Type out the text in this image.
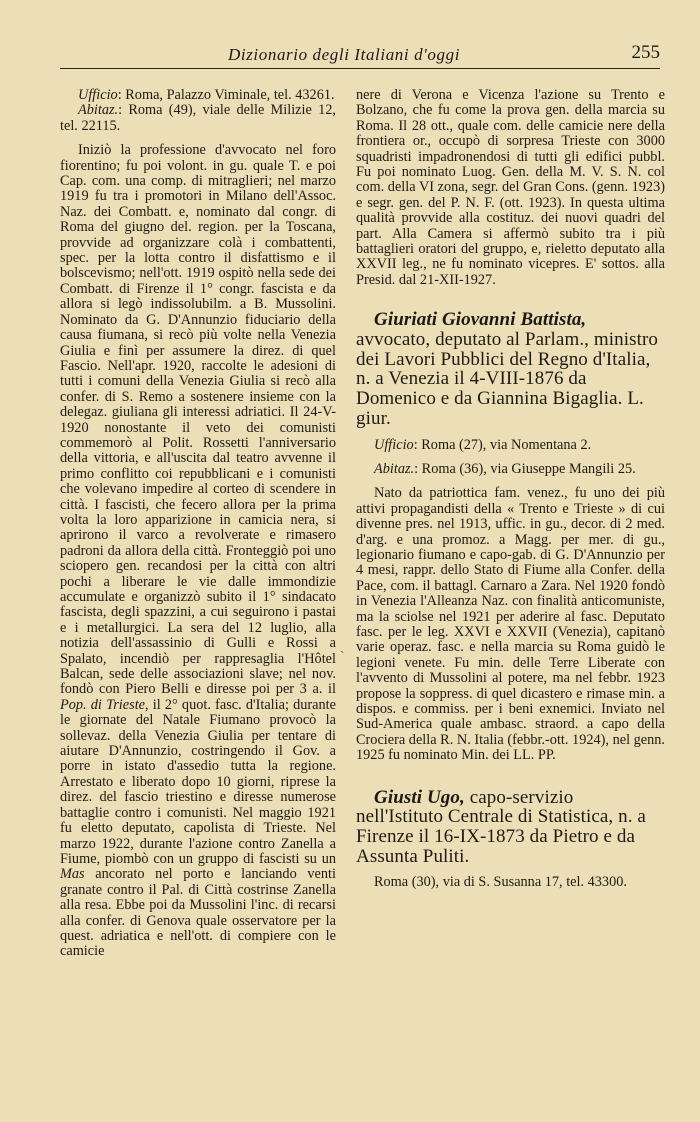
Dizionario degli Italiani d'oggi	255

Ufficio: Roma, Palazzo Viminale, tel. 43261.

Abitaz.: Roma (49), viale delle Milizie 12, tel. 22115.

Iniziò la professione d'avvocato nel foro fiorentino; fu poi volont. in gu. quale T. e poi Cap. com. una comp. di mitraglieri; nel marzo 1919 fu tra i promotori in Milano dell'Assoc. Naz. dei Combatt. e, nominato dal congr. di Roma del giugno del. region. per la Toscana, provvide ad organizzare colà i combattenti, spec. per la lotta contro il disfattismo e il bolscevismo; nell'ott. 1919 ospitò nella sede dei Combatt. di Firenze il 1° congr. fascista e da allora si legò indissolubilm. a B. Mussolini. Nominato da G. D'Annunzio fiduciario della causa fiumana, si recò più volte nella Venezia Giulia e finì per assumere la direz. di quel Fascio. Nell'apr. 1920, raccolte le adesioni di tutti i comuni della Venezia Giulia si recò alla confer. di S. Remo a sostenere insieme con la delegaz. giuliana gli interessi adriatici. Il 24-V-1920 nonostante il veto dei comunisti commemorò al Polit. Rossetti l'anniversario della vittoria, e all'uscita dal teatro avvenne il primo conflitto coi repubblicani e i comunisti che volevano impedire al corteo di scendere in città. I fascisti, che fecero allora per la prima volta la loro apparizione in camicia nera, si aprirono il varco a revolverate e rimasero padroni da allora della città. Fronteggiò poi uno sciopero gen. recandosi per la città con altri pochi a liberare le vie dalle immondizie accumulate e organizzò subito il 1° sindacato fascista, degli spazzini, a cui seguirono i pastai e i metallurgici. La sera del 12 luglio, alla notizia dell'assassinio di Gulli e Rossi a Spalato, incendiò per rappresaglia l'Hôtel Balcan, sede delle associazioni slave; nel nov. fondò con Piero Belli e diresse poi per 3 a. il Pop. di Trieste, il 2° quot. fasc. d'Italia; durante le giornate del Natale Fiumano provocò la sollevaz. della Venezia Giulia per tentare di aiutare D'Annunzio, costringendo il Gov. a porre in istato d'assedio tutta la regione. Arrestato e liberato dopo 10 giorni, riprese la direz. del fascio triestino e diresse numerose battaglie contro i comunisti. Nel maggio 1921 fu eletto deputato, capolista di Trieste. Nel marzo 1922, durante l'azione contro Zanella a Fiume, piombò con un gruppo di fascisti su un Mas ancorato nel porto e lanciando venti granate contro il Pal. di Città costrinse Zanella alla resa. Ebbe poi da Mussolini l'inc. di recarsi alla confer. di Genova quale osservatore per la quest. adriatica e nell'ott. di compiere con le camicie

`

nere di Verona e Vicenza l'azione su Trento e Bolzano, che fu come la prova gen. della marcia su Roma. Il 28 ott., quale com. delle camicie nere della frontiera or., occupò di sorpresa Trieste con 3000 squadristi impadronendosi di tutti gli edifici pubbl. Fu poi nominato Luog. Gen. della M. V. S. N. col com. della VI zona, segr. del Gran Cons. (genn. 1923) e segr. gen. del P. N. F. (ott. 1923). In questa ultima qualità provvide alla costituz. dei nuovi quadri del part. Alla Camera si affermò subito tra i più battaglieri oratori del gruppo, e, rieletto deputato alla XXVII leg., ne fu nominato vicepres. E' sottos. alla Presid. dal 21-XII-1927.

Giuriati Giovanni Battista, avvocato, deputato al Parlam., ministro dei Lavori Pubblici del Regno d'Italia, n. a Venezia il 4-VIII-1876 da Domenico e da Giannina Bigaglia. L. giur.

Ufficio: Roma (27), via Nomentana 2.

Abitaz.: Roma (36), via Giuseppe Mangili 25.

Nato da patriottica fam. venez., fu uno dei più attivi propagandisti della « Trento e Trieste » di cui divenne pres. nel 1913, uffic. in gu., decor. di 2 med. d'arg. e una promoz. a Magg. per mer. di gu., legionario fiumano e capo-gab. di G. D'Annunzio per 4 mesi, rappr. dello Stato di Fiume alla Confer. della Pace, com. il battagl. Carnaro a Zara. Nel 1920 fondò in Venezia l'Alleanza Naz. con finalità anticomuniste, ma la sciolse nel 1921 per aderire al fasc. Deputato fasc. per le leg. XXVI e XXVII (Venezia), capitanò varie operaz. fasc. e nella marcia su Roma guidò le legioni venete. Fu min. delle Terre Liberate con l'avvento di Mussolini al potere, ma nel febbr. 1923 propose la soppress. di quel dicastero e rimase min. a dispos. e commiss. per i beni exnemici. Inviato nel Sud-America quale ambasc. straord. a capo della Crociera della R. N. Italia (febbr.-ott. 1924), nel genn. 1925 fu nominato Min. dei LL. PP.

Giusti Ugo, capo-servizio nell'Istituto Centrale di Statistica, n. a Firenze il 16-IX-1873 da Pietro e da Assunta Puliti.

Roma (30), via di S. Susanna 17, tel. 43300.
